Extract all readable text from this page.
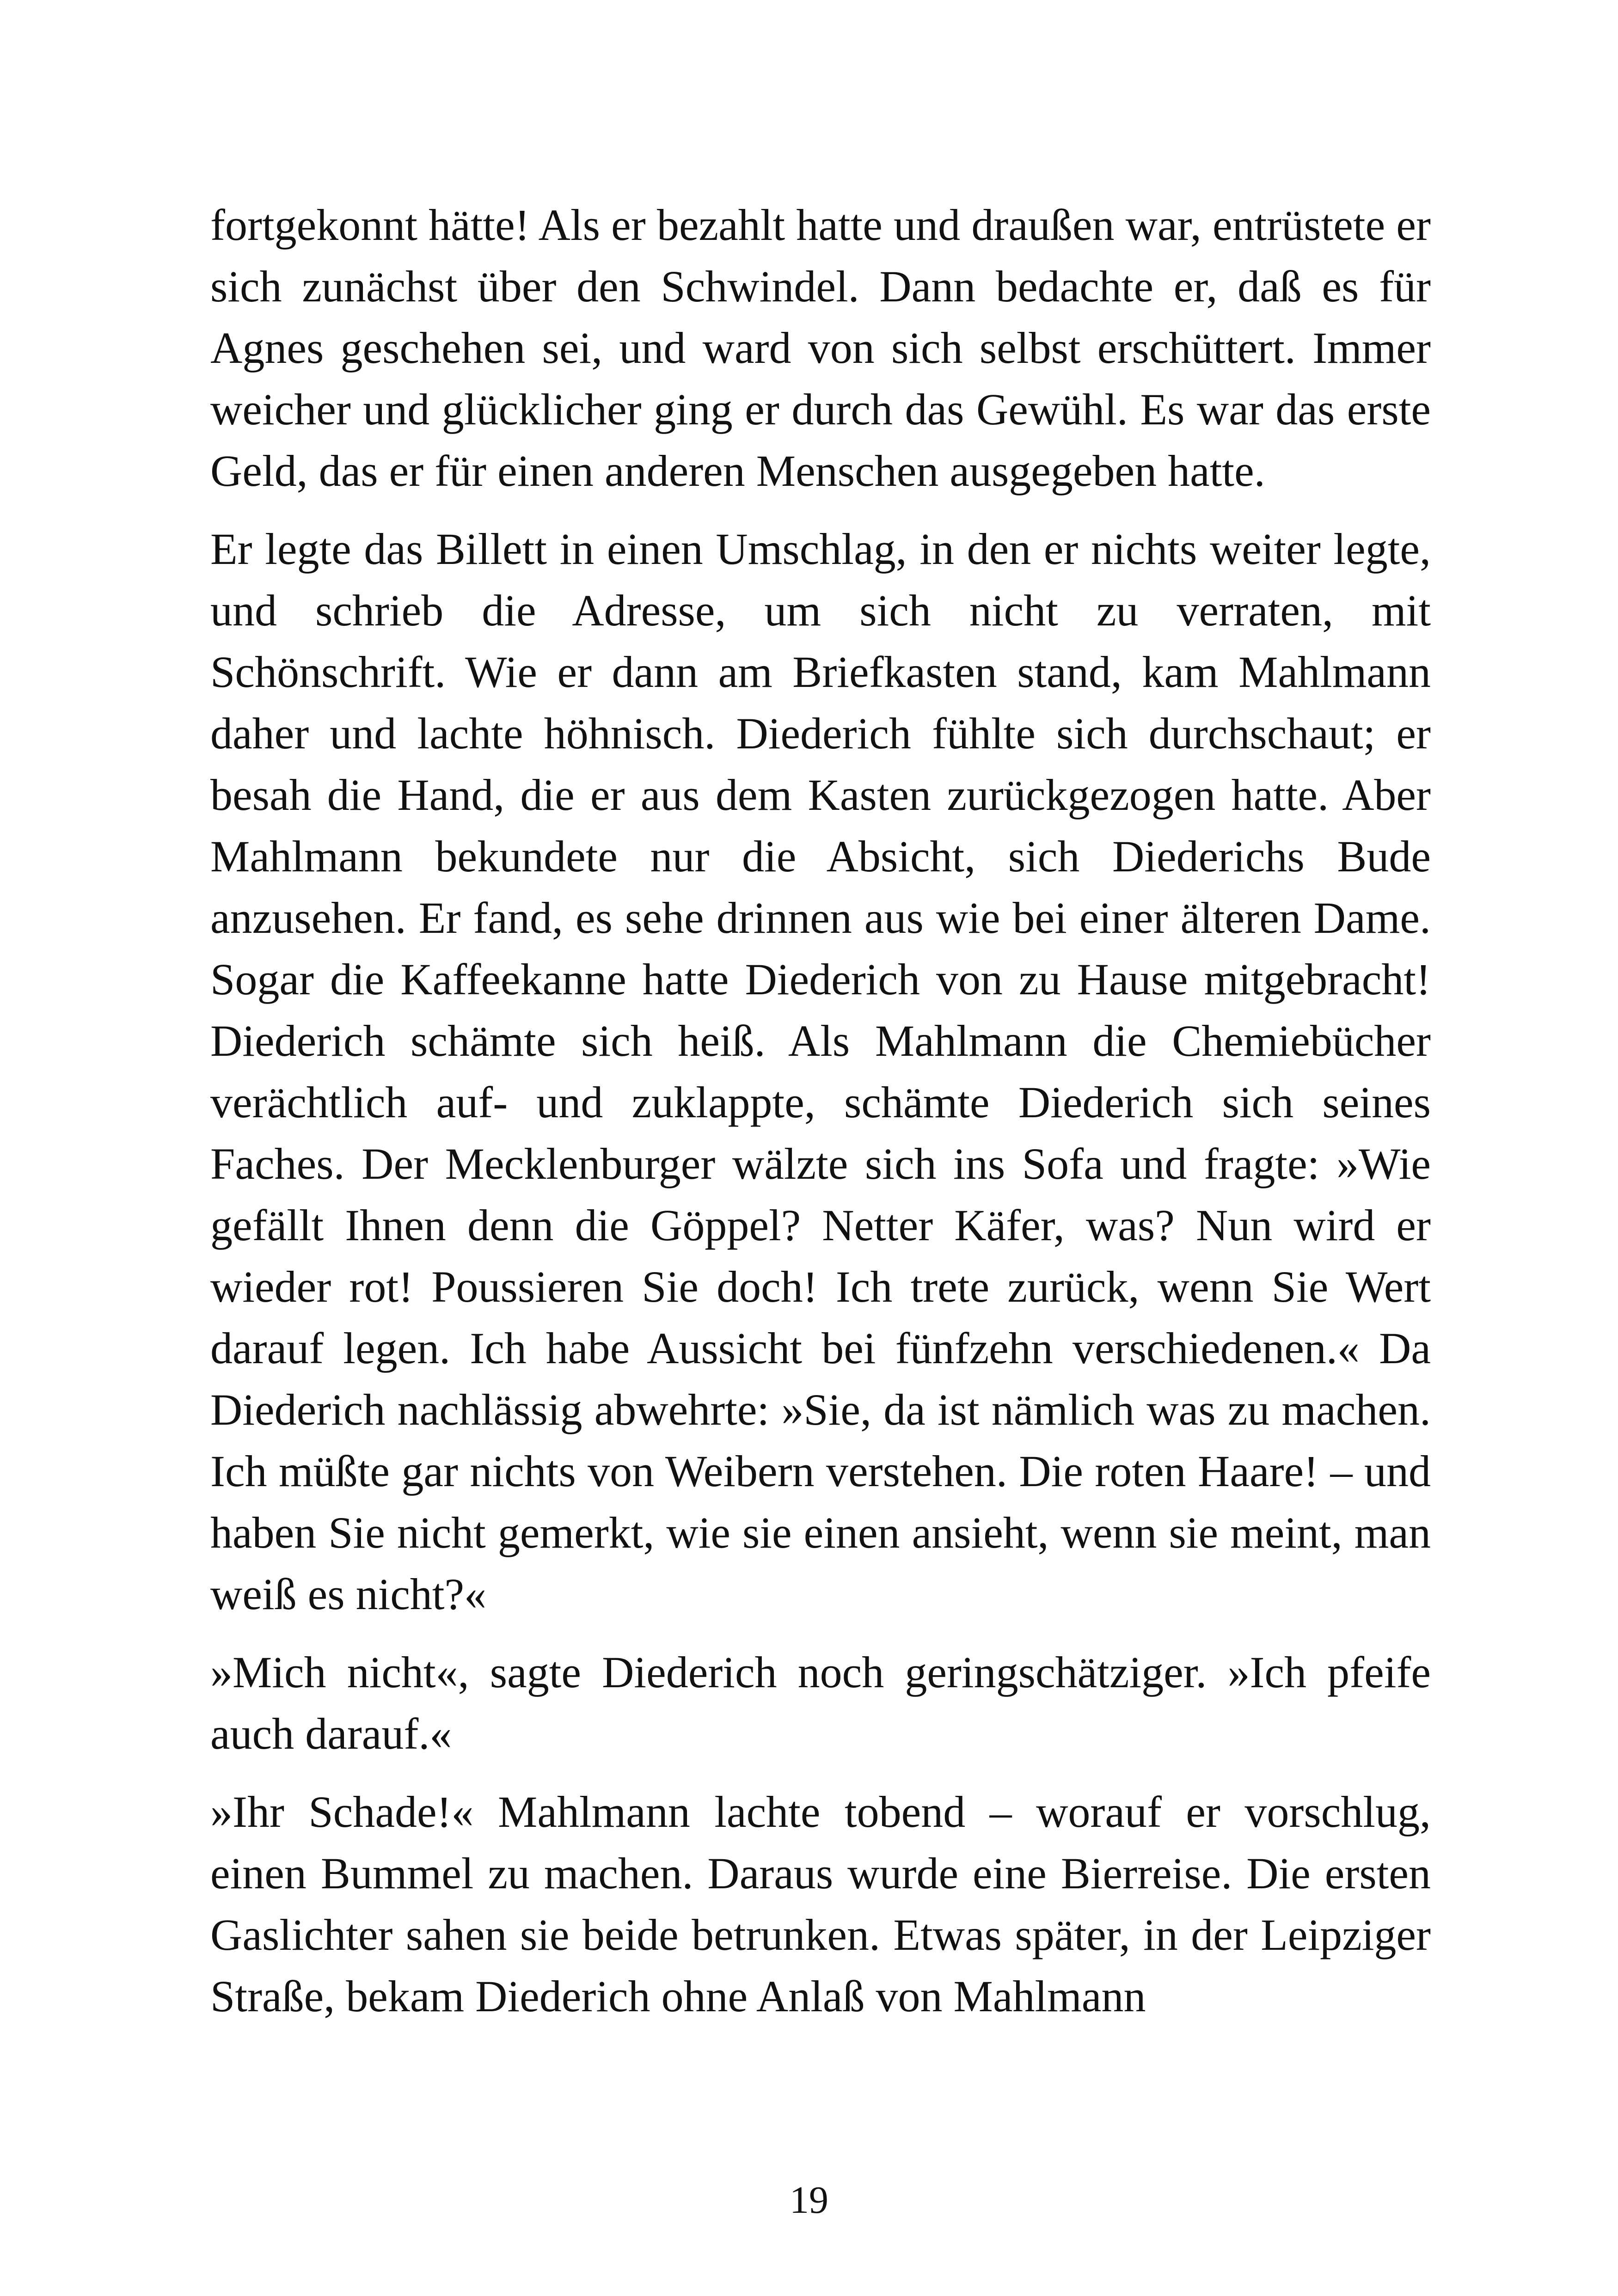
fortgekonnt hätte! Als er bezahlt hatte und draußen war, entrüstete er sich zunächst über den Schwindel. Dann bedachte er, daß es für Agnes geschehen sei, und ward von sich selbst erschüttert. Immer weicher und glücklicher ging er durch das Gewühl. Es war das erste Geld, das er für einen anderen Menschen ausgegeben hatte.

Er legte das Billett in einen Umschlag, in den er nichts weiter legte, und schrieb die Adresse, um sich nicht zu verraten, mit Schönschrift. Wie er dann am Briefkasten stand, kam Mahlmann daher und lachte höhnisch. Diederich fühlte sich durchschaut; er besah die Hand, die er aus dem Kasten zurückgezogen hatte. Aber Mahlmann bekundete nur die Absicht, sich Diederichs Bude anzusehen. Er fand, es sehe drinnen aus wie bei einer älteren Dame. Sogar die Kaffeekanne hatte Diederich von zu Hause mitgebracht! Diederich schämte sich heiß. Als Mahlmann die Chemiebücher verächtlich auf- und zuklappte, schämte Diederich sich seines Faches. Der Mecklenburger wälzte sich ins Sofa und fragte: »Wie gefällt Ihnen denn die Göppel? Netter Käfer, was? Nun wird er wieder rot! Poussieren Sie doch! Ich trete zurück, wenn Sie Wert darauf legen. Ich habe Aussicht bei fünfzehn verschiedenen.« Da Diederich nachlässig abwehrte: »Sie, da ist nämlich was zu machen. Ich müßte gar nichts von Weibern verstehen. Die roten Haare! – und haben Sie nicht gemerkt, wie sie einen ansieht, wenn sie meint, man weiß es nicht?«

»Mich nicht«, sagte Diederich noch geringschätziger. »Ich pfeife auch darauf.«

»Ihr Schade!« Mahlmann lachte tobend – worauf er vorschlug, einen Bummel zu machen. Daraus wurde eine Bierreise. Die ersten Gaslichter sahen sie beide betrunken. Etwas später, in der Leipziger Straße, bekam Diederich ohne Anlaß von Mahlmann

19
